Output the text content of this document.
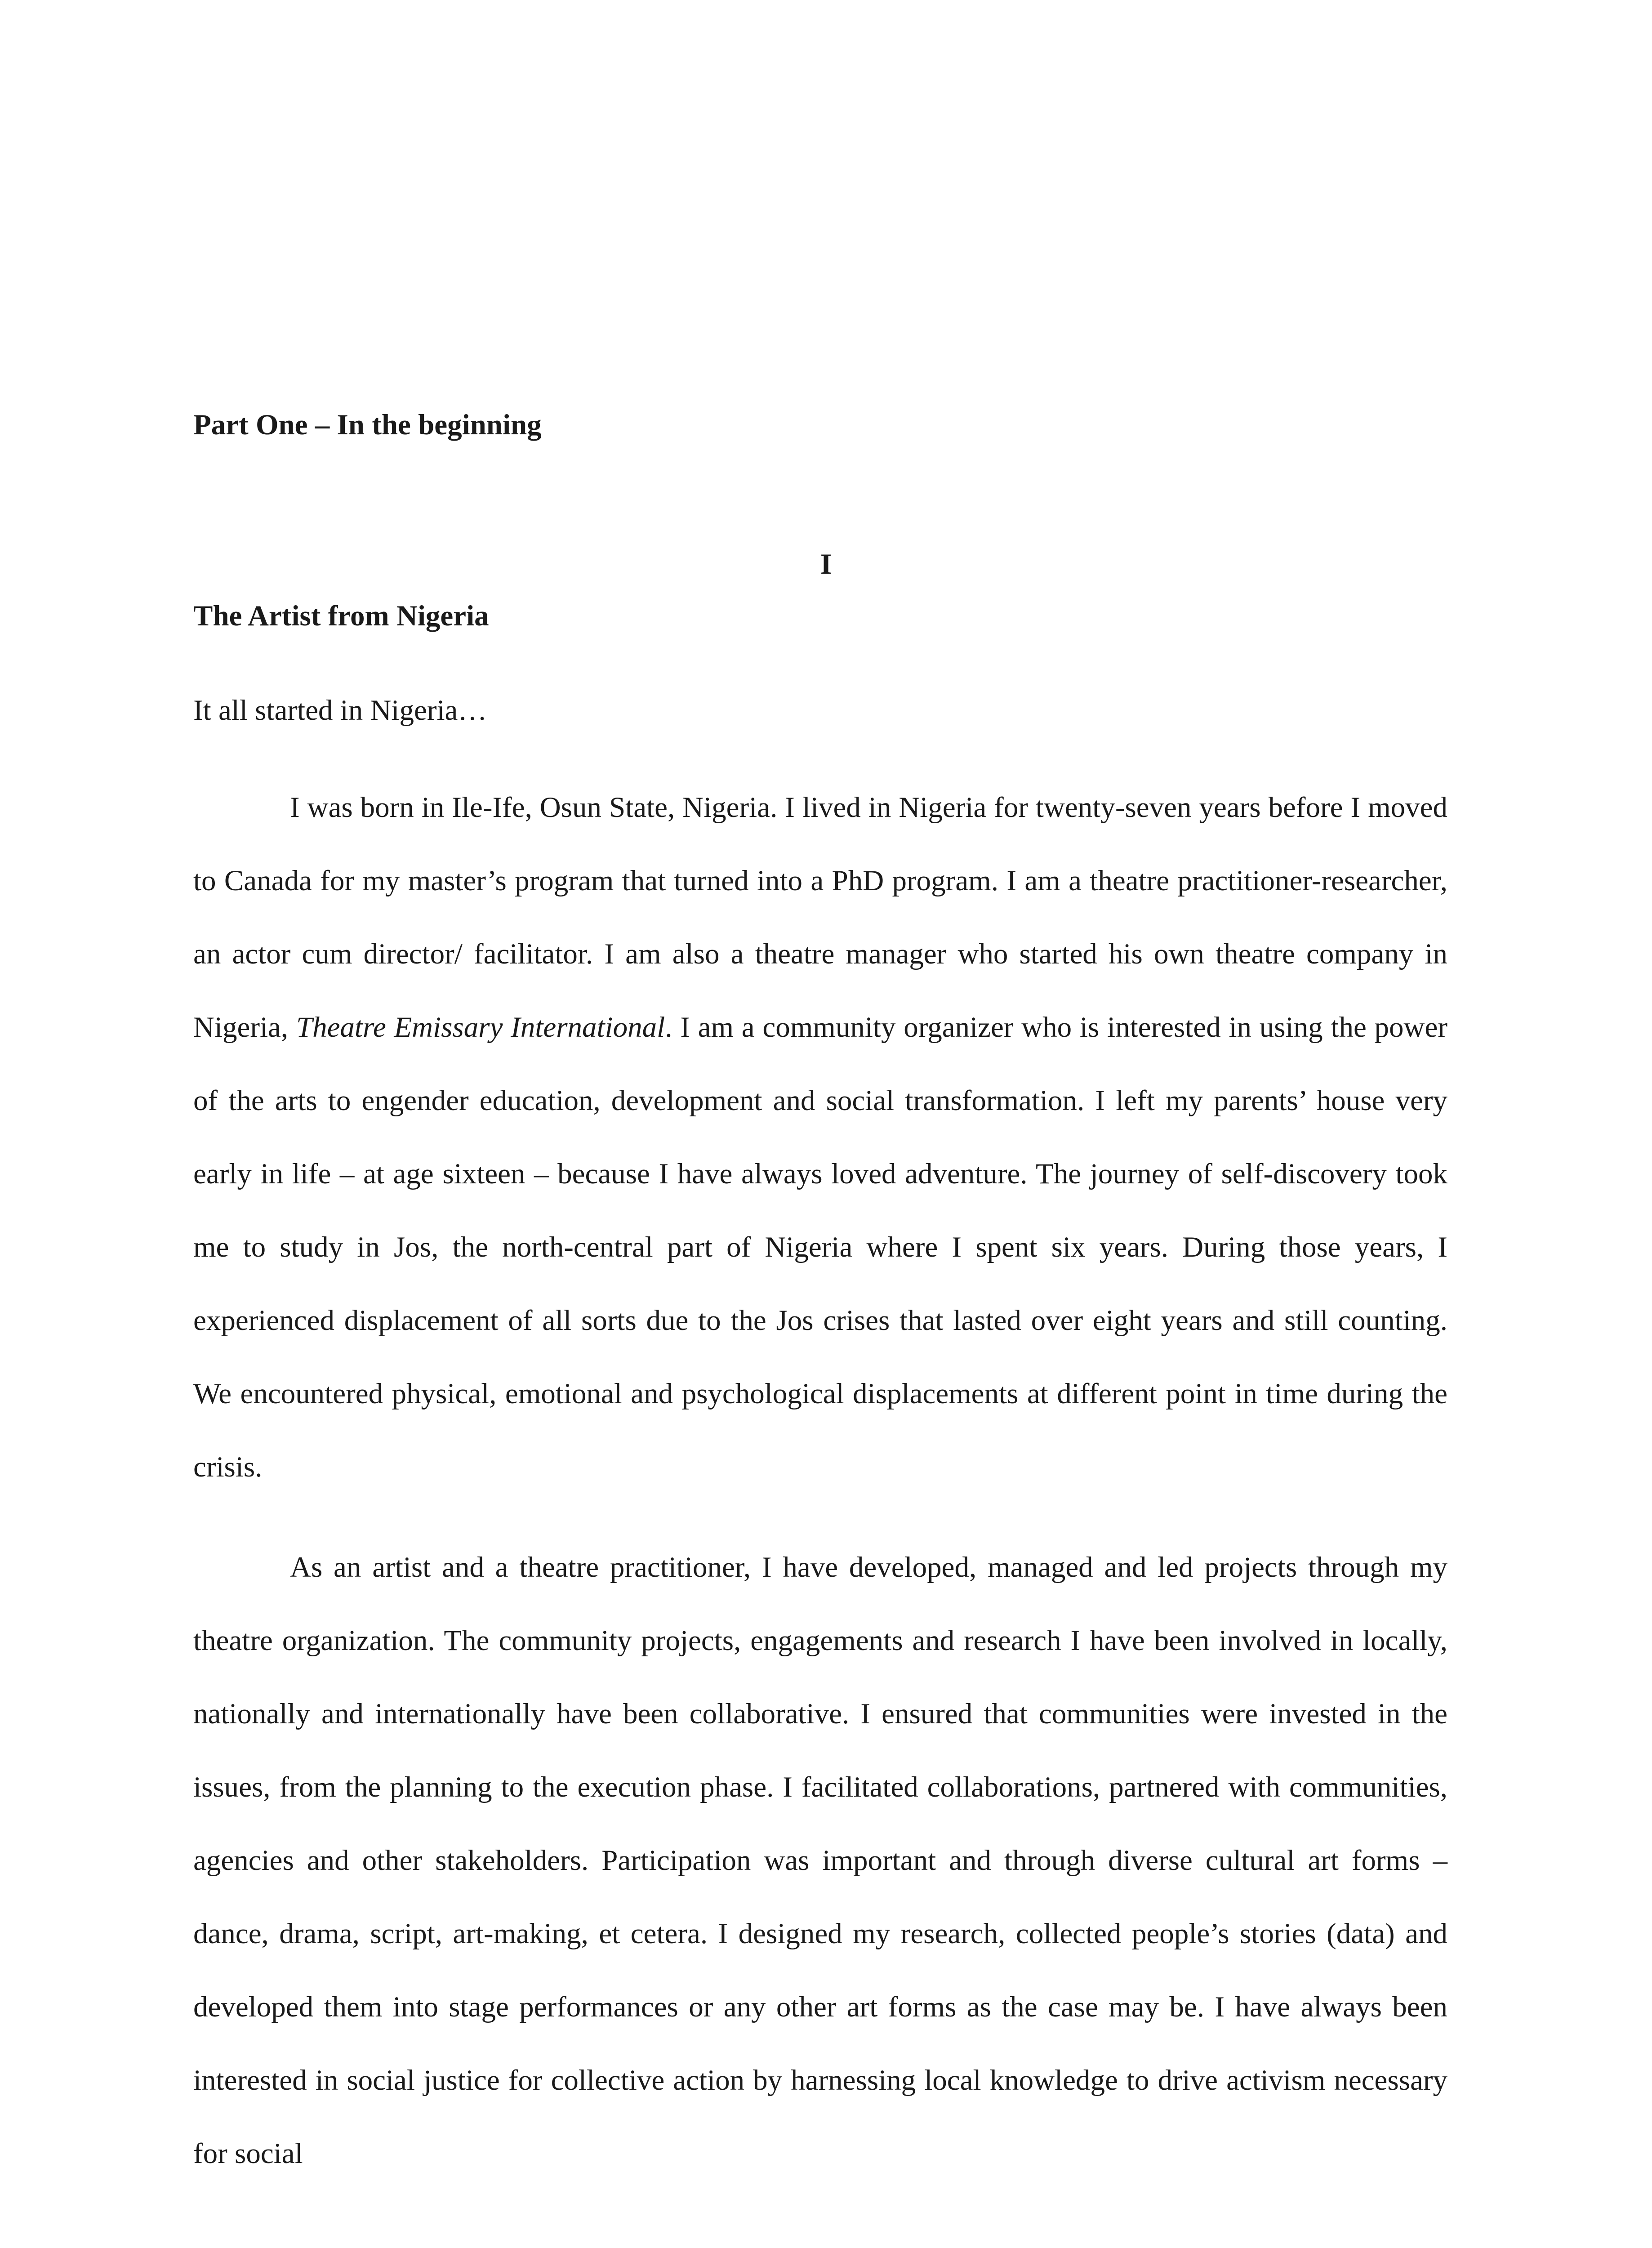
Part One – In the beginning
I
The Artist from Nigeria
It all started in Nigeria…

I was born in Ile-Ife, Osun State, Nigeria. I lived in Nigeria for twenty-seven years before I moved to Canada for my master’s program that turned into a PhD program. I am a theatre practitioner-researcher, an actor cum director/ facilitator. I am also a theatre manager who started his own theatre company in Nigeria, Theatre Emissary International. I am a community organizer who is interested in using the power of the arts to engender education, development and social transformation. I left my parents’ house very early in life – at age sixteen – because I have always loved adventure. The journey of self-discovery took me to study in Jos, the north-central part of Nigeria where I spent six years. During those years, I experienced displacement of all sorts due to the Jos crises that lasted over eight years and still counting. We encountered physical, emotional and psychological displacements at different point in time during the crisis.

As an artist and a theatre practitioner, I have developed, managed and led projects through my theatre organization. The community projects, engagements and research I have been involved in locally, nationally and internationally have been collaborative. I ensured that communities were invested in the issues, from the planning to the execution phase. I facilitated collaborations, partnered with communities, agencies and other stakeholders. Participation was important and through diverse cultural art forms – dance, drama, script, art-making, et cetera. I designed my research, collected people’s stories (data) and developed them into stage performances or any other art forms as the case may be. I have always been interested in social justice for collective action by harnessing local knowledge to drive activism necessary for social
